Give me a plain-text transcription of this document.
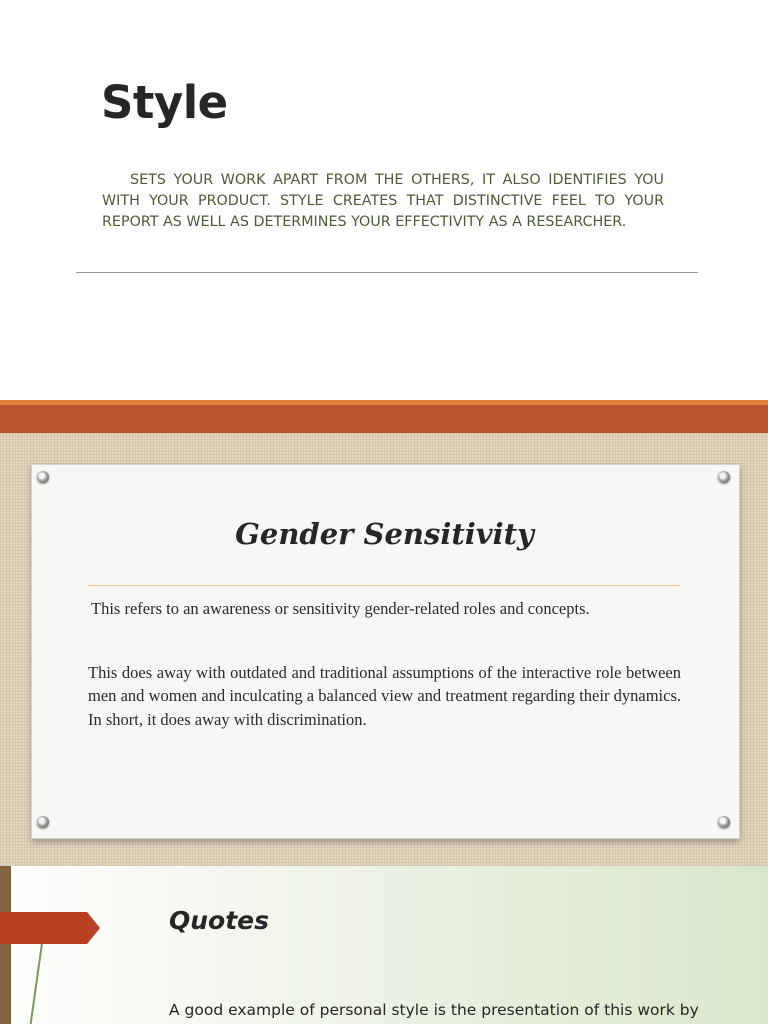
Style

SETS YOUR WORK APART FROM THE OTHERS, IT ALSO IDENTIFIES YOU WITH YOUR PRODUCT. STYLE CREATES THAT DISTINCTIVE FEEL TO YOUR REPORT AS WELL AS DETERMINES YOUR EFFECTIVITY AS A RESEARCHER.

Gender Sensitivity

This refers to an awareness or sensitivity gender-related roles and concepts.

This does away with outdated and traditional assumptions of the interactive role between men and women and inculcating a balanced view and treatment regarding their dynamics. In short, it does away with discrimination.

Quotes

A good example of personal style is the presentation of this work by
